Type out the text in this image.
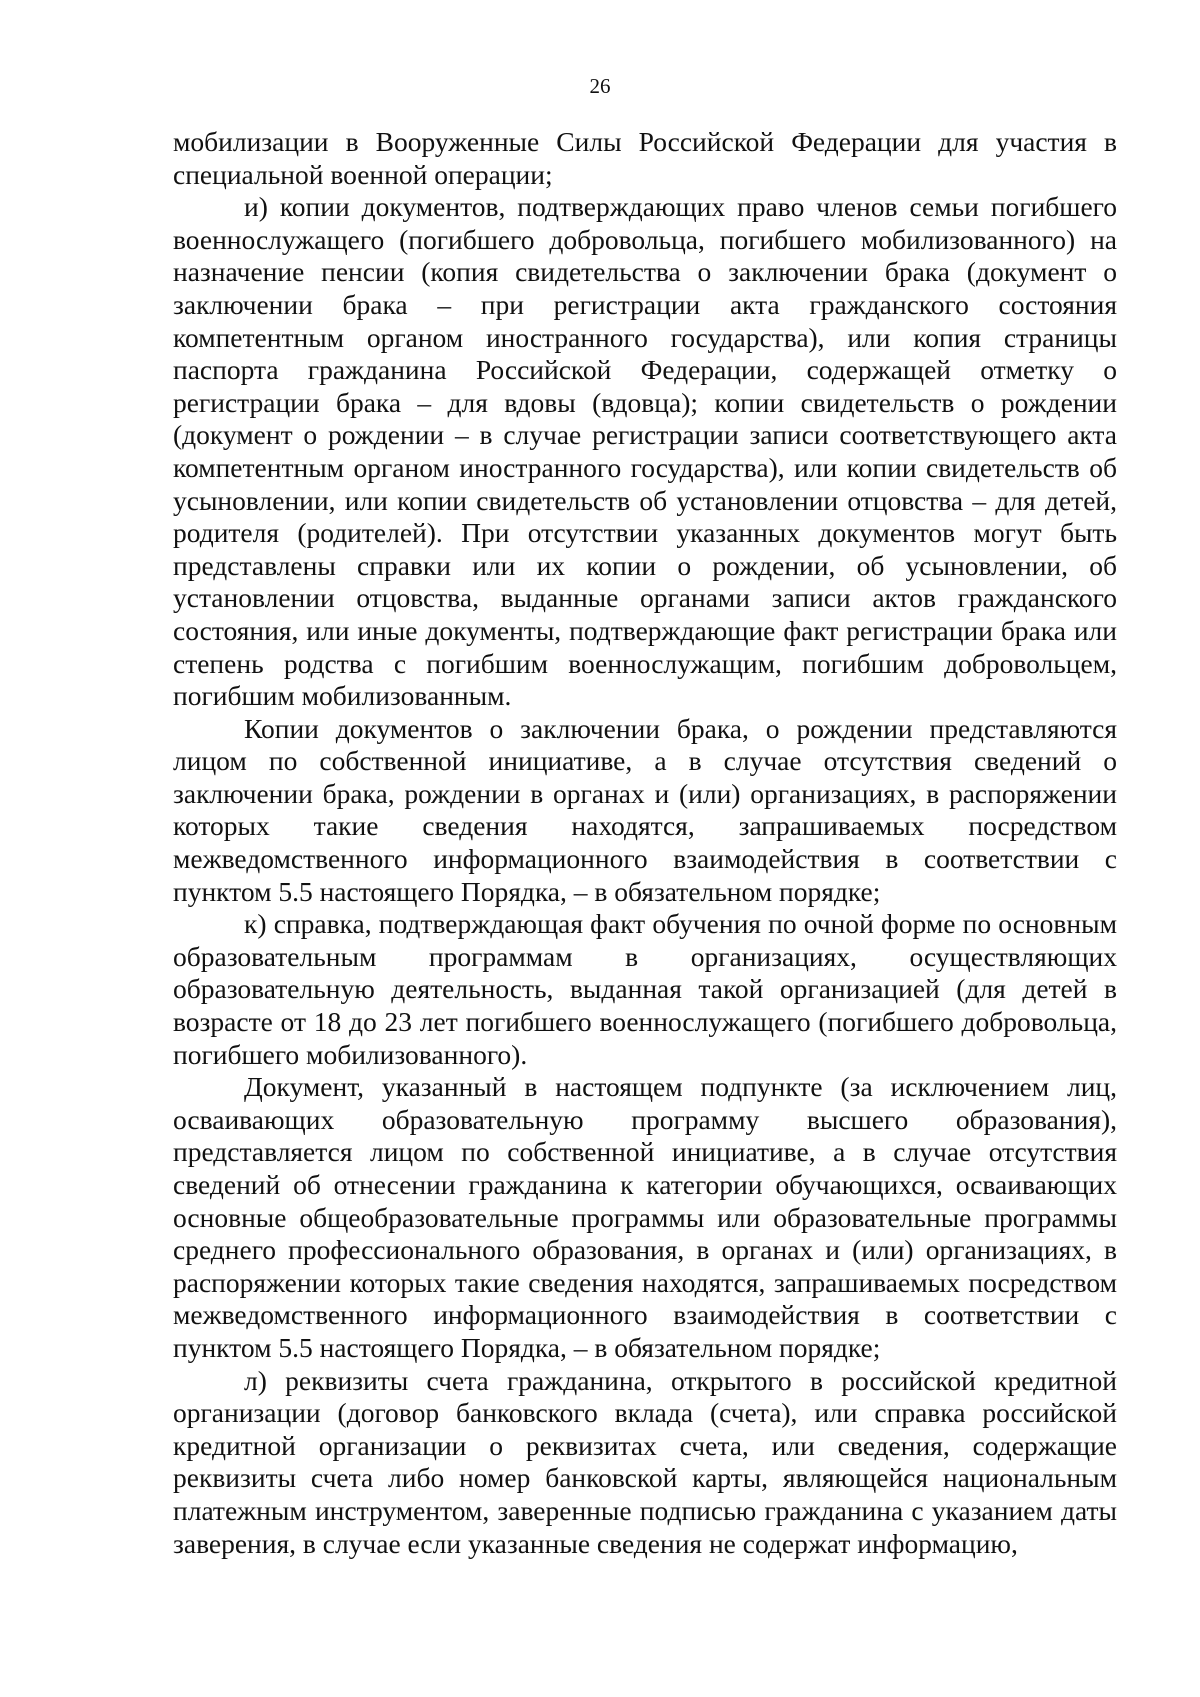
26

мобилизации в Вооруженные Силы Российской Федерации для участия в специальной военной операции;

и) копии документов, подтверждающих право членов семьи погибшего военнослужащего (погибшего добровольца, погибшего мобилизованного) на назначение пенсии (копия свидетельства о заключении брака (документ о заключении брака – при регистрации акта гражданского состояния компетентным органом иностранного государства), или копия страницы паспорта гражданина Российской Федерации, содержащей отметку о регистрации брака – для вдовы (вдовца); копии свидетельств о рождении (документ о рождении – в случае регистрации записи соответствующего акта компетентным органом иностранного государства), или копии свидетельств об усыновлении, или копии свидетельств об установлении отцовства – для детей, родителя (родителей). При отсутствии указанных документов могут быть представлены справки или их копии о рождении, об усыновлении, об установлении отцовства, выданные органами записи актов гражданского состояния, или иные документы, подтверждающие факт регистрации брака или степень родства с погибшим военнослужащим, погибшим добровольцем, погибшим мобилизованным.

Копии документов о заключении брака, о рождении представляются лицом по собственной инициативе, а в случае отсутствия сведений о заключении брака, рождении в органах и (или) организациях, в распоряжении которых такие сведения находятся, запрашиваемых посредством межведомственного информационного взаимодействия в соответствии с пунктом 5.5 настоящего Порядка, – в обязательном порядке;

к) справка, подтверждающая факт обучения по очной форме по основным образовательным программам в организациях, осуществляющих образовательную деятельность, выданная такой организацией (для детей в возрасте от 18 до 23 лет погибшего военнослужащего (погибшего добровольца, погибшего мобилизованного).

Документ, указанный в настоящем подпункте (за исключением лиц, осваивающих образовательную программу высшего образования), представляется лицом по собственной инициативе, а в случае отсутствия сведений об отнесении гражданина к категории обучающихся, осваивающих основные общеобразовательные программы или образовательные программы среднего профессионального образования, в органах и (или) организациях, в распоряжении которых такие сведения находятся, запрашиваемых посредством межведомственного информационного взаимодействия в соответствии с пунктом 5.5 настоящего Порядка, – в обязательном порядке;

л) реквизиты счета гражданина, открытого в российской кредитной организации (договор банковского вклада (счета), или справка российской кредитной организации о реквизитах счета, или сведения, содержащие реквизиты счета либо номер банковской карты, являющейся национальным платежным инструментом, заверенные подписью гражданина с указанием даты заверения, в случае если указанные сведения не содержат информацию,
